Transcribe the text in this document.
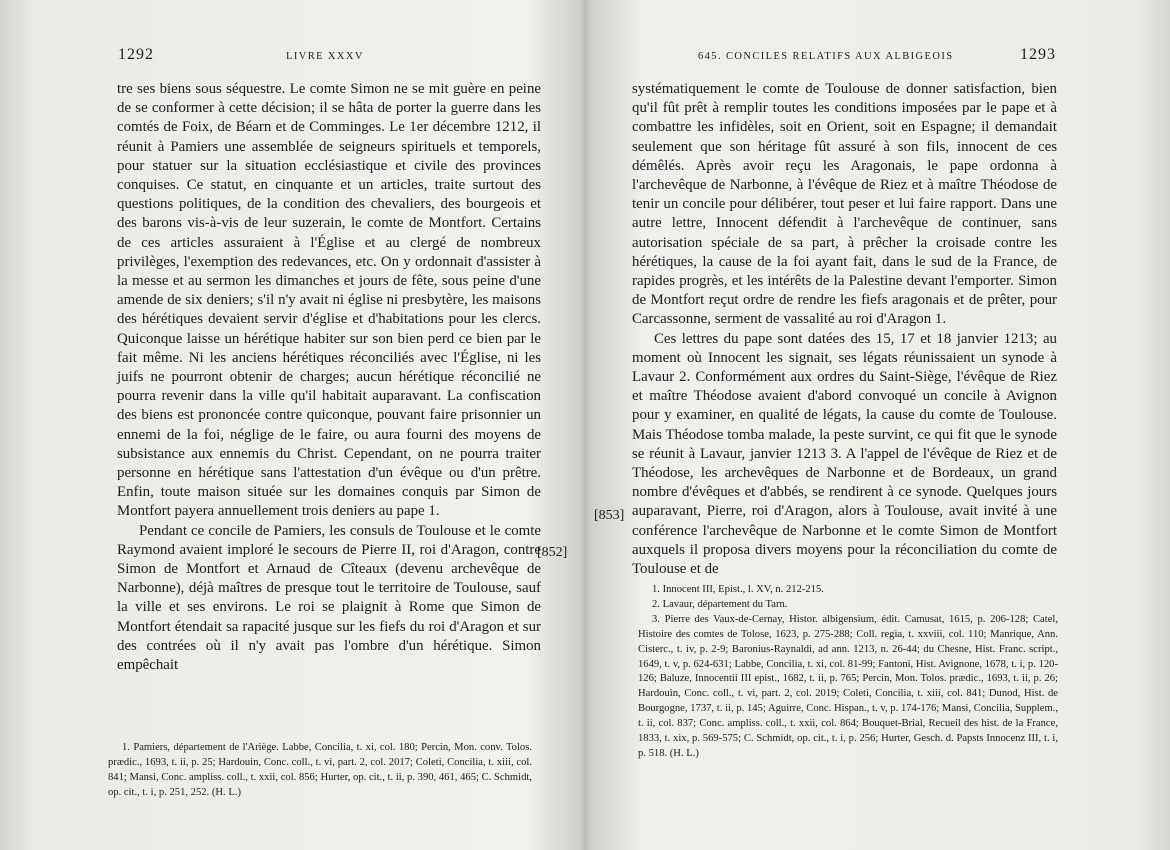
1292	LIVRE XXXV

tre ses biens sous séquestre. Le comte Simon ne se mit guère en peine de se conformer à cette décision; il se hâta de porter la guerre dans les comtés de Foix, de Béarn et de Comminges. Le 1er décembre 1212, il réunit à Pamiers une assemblée de seigneurs spirituels et temporels, pour statuer sur la situation ecclésiastique et civile des provinces conquises. Ce statut, en cinquante et un articles, traite surtout des questions politiques, de la condition des chevaliers, des bourgeois et des barons vis-à-vis de leur suzerain, le comte de Montfort. Certains de ces articles assuraient à l'Église et au clergé de nombreux privilèges, l'exemption des redevances, etc. On y ordonnait d'assister à la messe et au sermon les dimanches et jours de fête, sous peine d'une amende de six deniers; s'il n'y avait ni église ni presbytère, les maisons des hérétiques devaient servir d'église et d'habitations pour les clercs. Quiconque laisse un hérétique habiter sur son bien perd ce bien par le fait même. Ni les anciens hérétiques réconciliés avec l'Église, ni les juifs ne pourront obtenir de charges; aucun hérétique réconcilié ne pourra revenir dans la ville qu'il habitait auparavant. La confiscation des biens est prononcée contre quiconque, pouvant faire prisonnier un ennemi de la foi, néglige de le faire, ou aura fourni des moyens de subsistance aux ennemis du Christ. Cependant, on ne pourra traiter personne en hérétique sans l'attestation d'un évêque ou d'un prêtre. Enfin, toute maison située sur les domaines conquis par Simon de Montfort payera annuellement trois deniers au pape 1.

Pendant ce concile de Pamiers, les consuls de Toulouse et le comte Raymond avaient imploré le secours de Pierre II, roi d'Aragon, contre Simon de Montfort et Arnaud de Cîteaux (devenu archevêque de Narbonne), déjà maîtres de presque tout le territoire de Toulouse, sauf la ville et ses environs. Le roi se plaignit à Rome que Simon de Montfort étendait sa rapacité jusque sur les fiefs du roi d'Aragon et sur des contrées où il n'y avait pas l'ombre d'un hérétique. Simon empêchait

[852]

1. Pamiers, département de l'Ariège. Labbe, Concilia, t. xi, col. 180; Percin, Mon. conv. Tolos. prædic., 1693, t. ii, p. 25; Hardouin, Conc. coll., t. vi, part. 2, col. 2017; Coleti, Concilia, t. xiii, col. 841; Mansi, Conc. ampliss. coll., t. xxii, col. 856; Hurter, op. cit., t. ii, p. 390, 461, 465; C. Schmidt, op. cit., t. i, p. 251, 252. (H. L.)

645. CONCILES RELATIFS AUX ALBIGEOIS	1293
[853]

systématiquement le comte de Toulouse de donner satisfaction, bien qu'il fût prêt à remplir toutes les conditions imposées par le pape et à combattre les infidèles, soit en Orient, soit en Espagne; il demandait seulement que son héritage fût assuré à son fils, innocent de ces démêlés. Après avoir reçu les Aragonais, le pape ordonna à l'archevêque de Narbonne, à l'évêque de Riez et à maître Théodose de tenir un concile pour délibérer, tout peser et lui faire rapport. Dans une autre lettre, Innocent défendit à l'archevêque de continuer, sans autorisation spéciale de sa part, à prêcher la croisade contre les hérétiques, la cause de la foi ayant fait, dans le sud de la France, de rapides progrès, et les intérêts de la Palestine devant l'emporter. Simon de Montfort reçut ordre de rendre les fiefs aragonais et de prêter, pour Carcassonne, serment de vassalité au roi d'Aragon 1.

Ces lettres du pape sont datées des 15, 17 et 18 janvier 1213; au moment où Innocent les signait, ses légats réunissaient un synode à Lavaur 2. Conformément aux ordres du Saint-Siège, l'évêque de Riez et maître Théodose avaient d'abord convoqué un concile à Avignon pour y examiner, en qualité de légats, la cause du comte de Toulouse. Mais Théodose tomba malade, la peste survint, ce qui fit que le synode se réunit à Lavaur, janvier 1213 3. A l'appel de l'évêque de Riez et de Théodose, les archevêques de Narbonne et de Bordeaux, un grand nombre d'évêques et d'abbés, se rendirent à ce synode. Quelques jours auparavant, Pierre, roi d'Aragon, alors à Toulouse, avait invité à une conférence l'archevêque de Narbonne et le comte Simon de Montfort auxquels il proposa divers moyens pour la réconciliation du comte de Toulouse et de

1. Innocent III, Epist., l. XV, n. 212-215.

2. Lavaur, département du Tarn.

3. Pierre des Vaux-de-Cernay, Histor. albigensium, édit. Camusat, 1615, p. 206-128; Catel, Histoire des comtes de Tolose, 1623, p. 275-288; Coll. regia, t. xxviii, col. 110; Manrique, Ann. Cisterc., t. iv, p. 2-9; Baronius-Raynaldi, ad ann. 1213, n. 26-44; du Chesne, Hist. Franc. script., 1649, t. v, p. 624-631; Labbe, Concilia, t. xi, col. 81-99; Fantoni, Hist. Avignone, 1678, t. i, p. 120-126; Baluze, Innocentii III epist., 1682, t. ii, p. 765; Percin, Mon. Tolos. prædic., 1693, t. ii, p. 26; Hardouin, Conc. coll., t. vi, part. 2, col. 2019; Coleti, Concilia, t. xiii, col. 841; Dunod, Hist. de Bourgogne, 1737, t. ii, p. 145; Aguirre, Conc. Hispan., t. v, p. 174-176; Mansi, Concilia, Supplem., t. ii, col. 837; Conc. ampliss. coll., t. xxii, col. 864; Bouquet-Brial, Recueil des hist. de la France, 1833, t. xix, p. 569-575; C. Schmidt, op. cit., t. i, p. 256; Hurter, Gesch. d. Papsts Innocenz III, t. i, p. 518. (H. L.)
